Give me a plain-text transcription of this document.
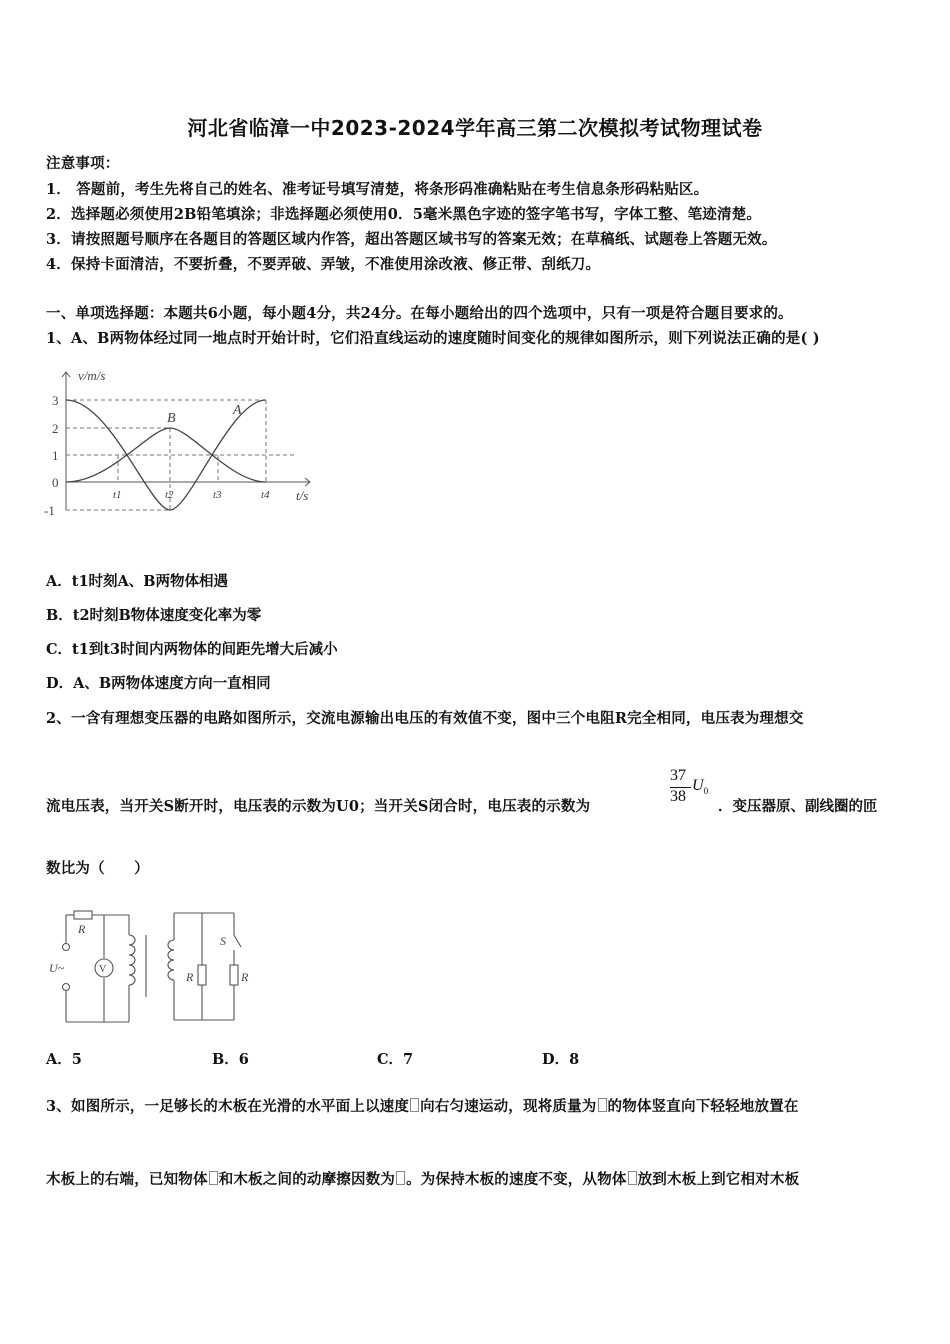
河北省临漳一中2023-2024学年高三第二次模拟考试物理试卷
注意事项：
1． 答题前，考生先将自己的姓名、准考证号填写清楚，将条形码准确粘贴在考生信息条形码粘贴区。
2．选择题必须使用2B铅笔填涂；非选择题必须使用0．5毫米黑色字迹的签字笔书写，字体工整、笔迹清楚。
3．请按照题号顺序在各题目的答题区域内作答，超出答题区域书写的答案无效；在草稿纸、试题卷上答题无效。
4．保持卡面清洁，不要折叠，不要弄破、弄皱，不准使用涂改液、修正带、刮纸刀。
一、单项选择题：本题共6小题，每小题4分，共24分。在每小题给出的四个选项中，只有一项是符合题目要求的。
1、A、B两物体经过同一地点时开始计时，它们沿直线运动的速度随时间变化的规律如图所示，则下列说法正确的是( )
v/m/s
t/s
3
2
1
0
-1
t1	t2	t3	t4
B
A
A．t1时刻A、B两物体相遇
B．t2时刻B物体速度变化率为零
C．t1到t3时间内两物体的间距先增大后减小
D．A、B两物体速度方向一直相同
2、一含有理想变压器的电路如图所示，交流电源输出电压的有效值不变，图中三个电阻R完全相同，电压表为理想交
流电压表，当开关S断开时，电压表的示数为U0；当开关S闭合时，电压表的示数为
37
38
$U_0$
．变压器原、副线圈的匝
数比为（　　）
R
U~	V
R
S
R
A．5	B．6	C．7	D．8
3、如图所示，一足够长的木板在光滑的水平面上以速度 向右匀速运动，现将质量为 的物体竖直向下轻轻地放置在
木板上的右端，已知物体 和木板之间的动摩擦因数为 。为保持木板的速度不变，从物体 放到木板上到它相对木板
